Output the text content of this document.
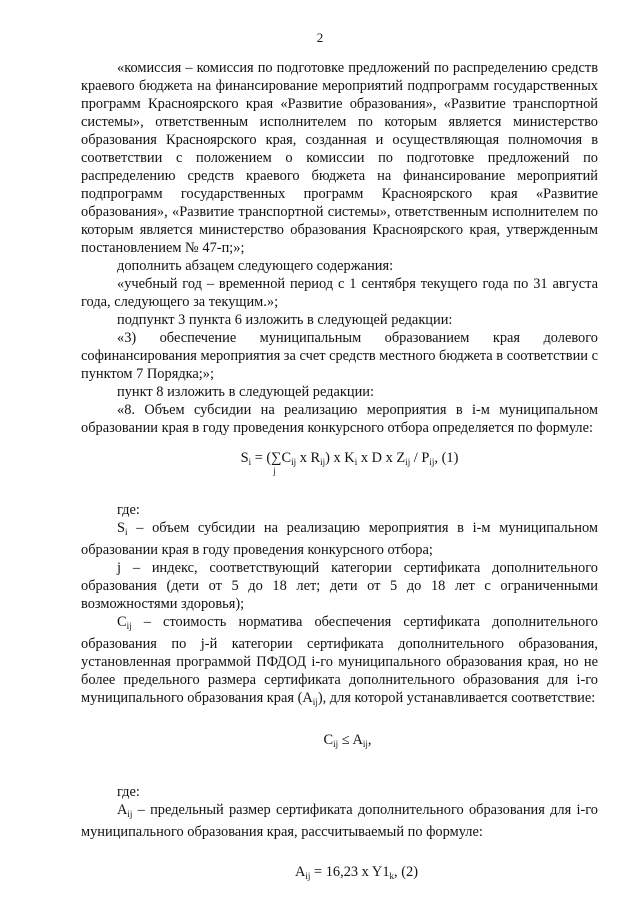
2

«комиссия – комиссия по подготовке предложений по распределению средств краевого бюджета на финансирование мероприятий подпрограмм государственных программ Красноярского края «Развитие образования», «Развитие транспортной системы», ответственным исполнителем по которым является министерство образования Красноярского края, созданная и осуществляющая полномочия в соответствии с положением о комиссии по подготовке предложений по распределению средств краевого бюджета на финансирование мероприятий подпрограмм государственных программ Красноярского края «Развитие образования», «Развитие транспортной системы», ответственным исполнителем по которым является министерство образования Красноярского края, утвержденным постановлением № 47-п;»;

дополнить абзацем следующего содержания:

«учебный год – временной период с 1 сентября текущего года по 31 августа года, следующего за текущим.»;

подпункт 3 пункта 6 изложить в следующей редакции:

«3) обеспечение муниципальным образованием края долевого софинансирования мероприятия за счет средств местного бюджета в соответствии с пунктом 7 Порядка;»;

пункт 8 изложить в следующей редакции:

«8. Объем субсидии на реализацию мероприятия в i-м муниципальном образовании края в году проведения конкурсного отбора определяется по формуле:

$S_i$ = (∑
j
$C_{ij}$ x $R_{ij}$) x $K_i$ x D x $Z_{ij} / P_{ij}$, (1)

где:

$S_i$ – объем субсидии на реализацию мероприятия в i-м муниципальном образовании края в году проведения конкурсного отбора;

j – индекс, соответствующий категории сертификата дополнительного образования (дети от 5 до 18 лет; дети от 5 до 18 лет с ограниченными возможностями здоровья);

$C_{ij}$ – стоимость норматива обеспечения сертификата дополнительного образования по j-й категории сертификата дополнительного образования, установленная программой ПФДОД i-го муниципального образования края, но не более предельного размера сертификата дополнительного образования для i-го муниципального образования края $(A_{ij})$, для которой устанавливается соответствие:

$C_{ij} \le A_{ij}$,

где:

$A_{ij}$ – предельный размер сертификата дополнительного образования для i-го муниципального образования края, рассчитываемый по формуле:

$A_{ij} = 16,23$ x $Y1_k$, (2)
